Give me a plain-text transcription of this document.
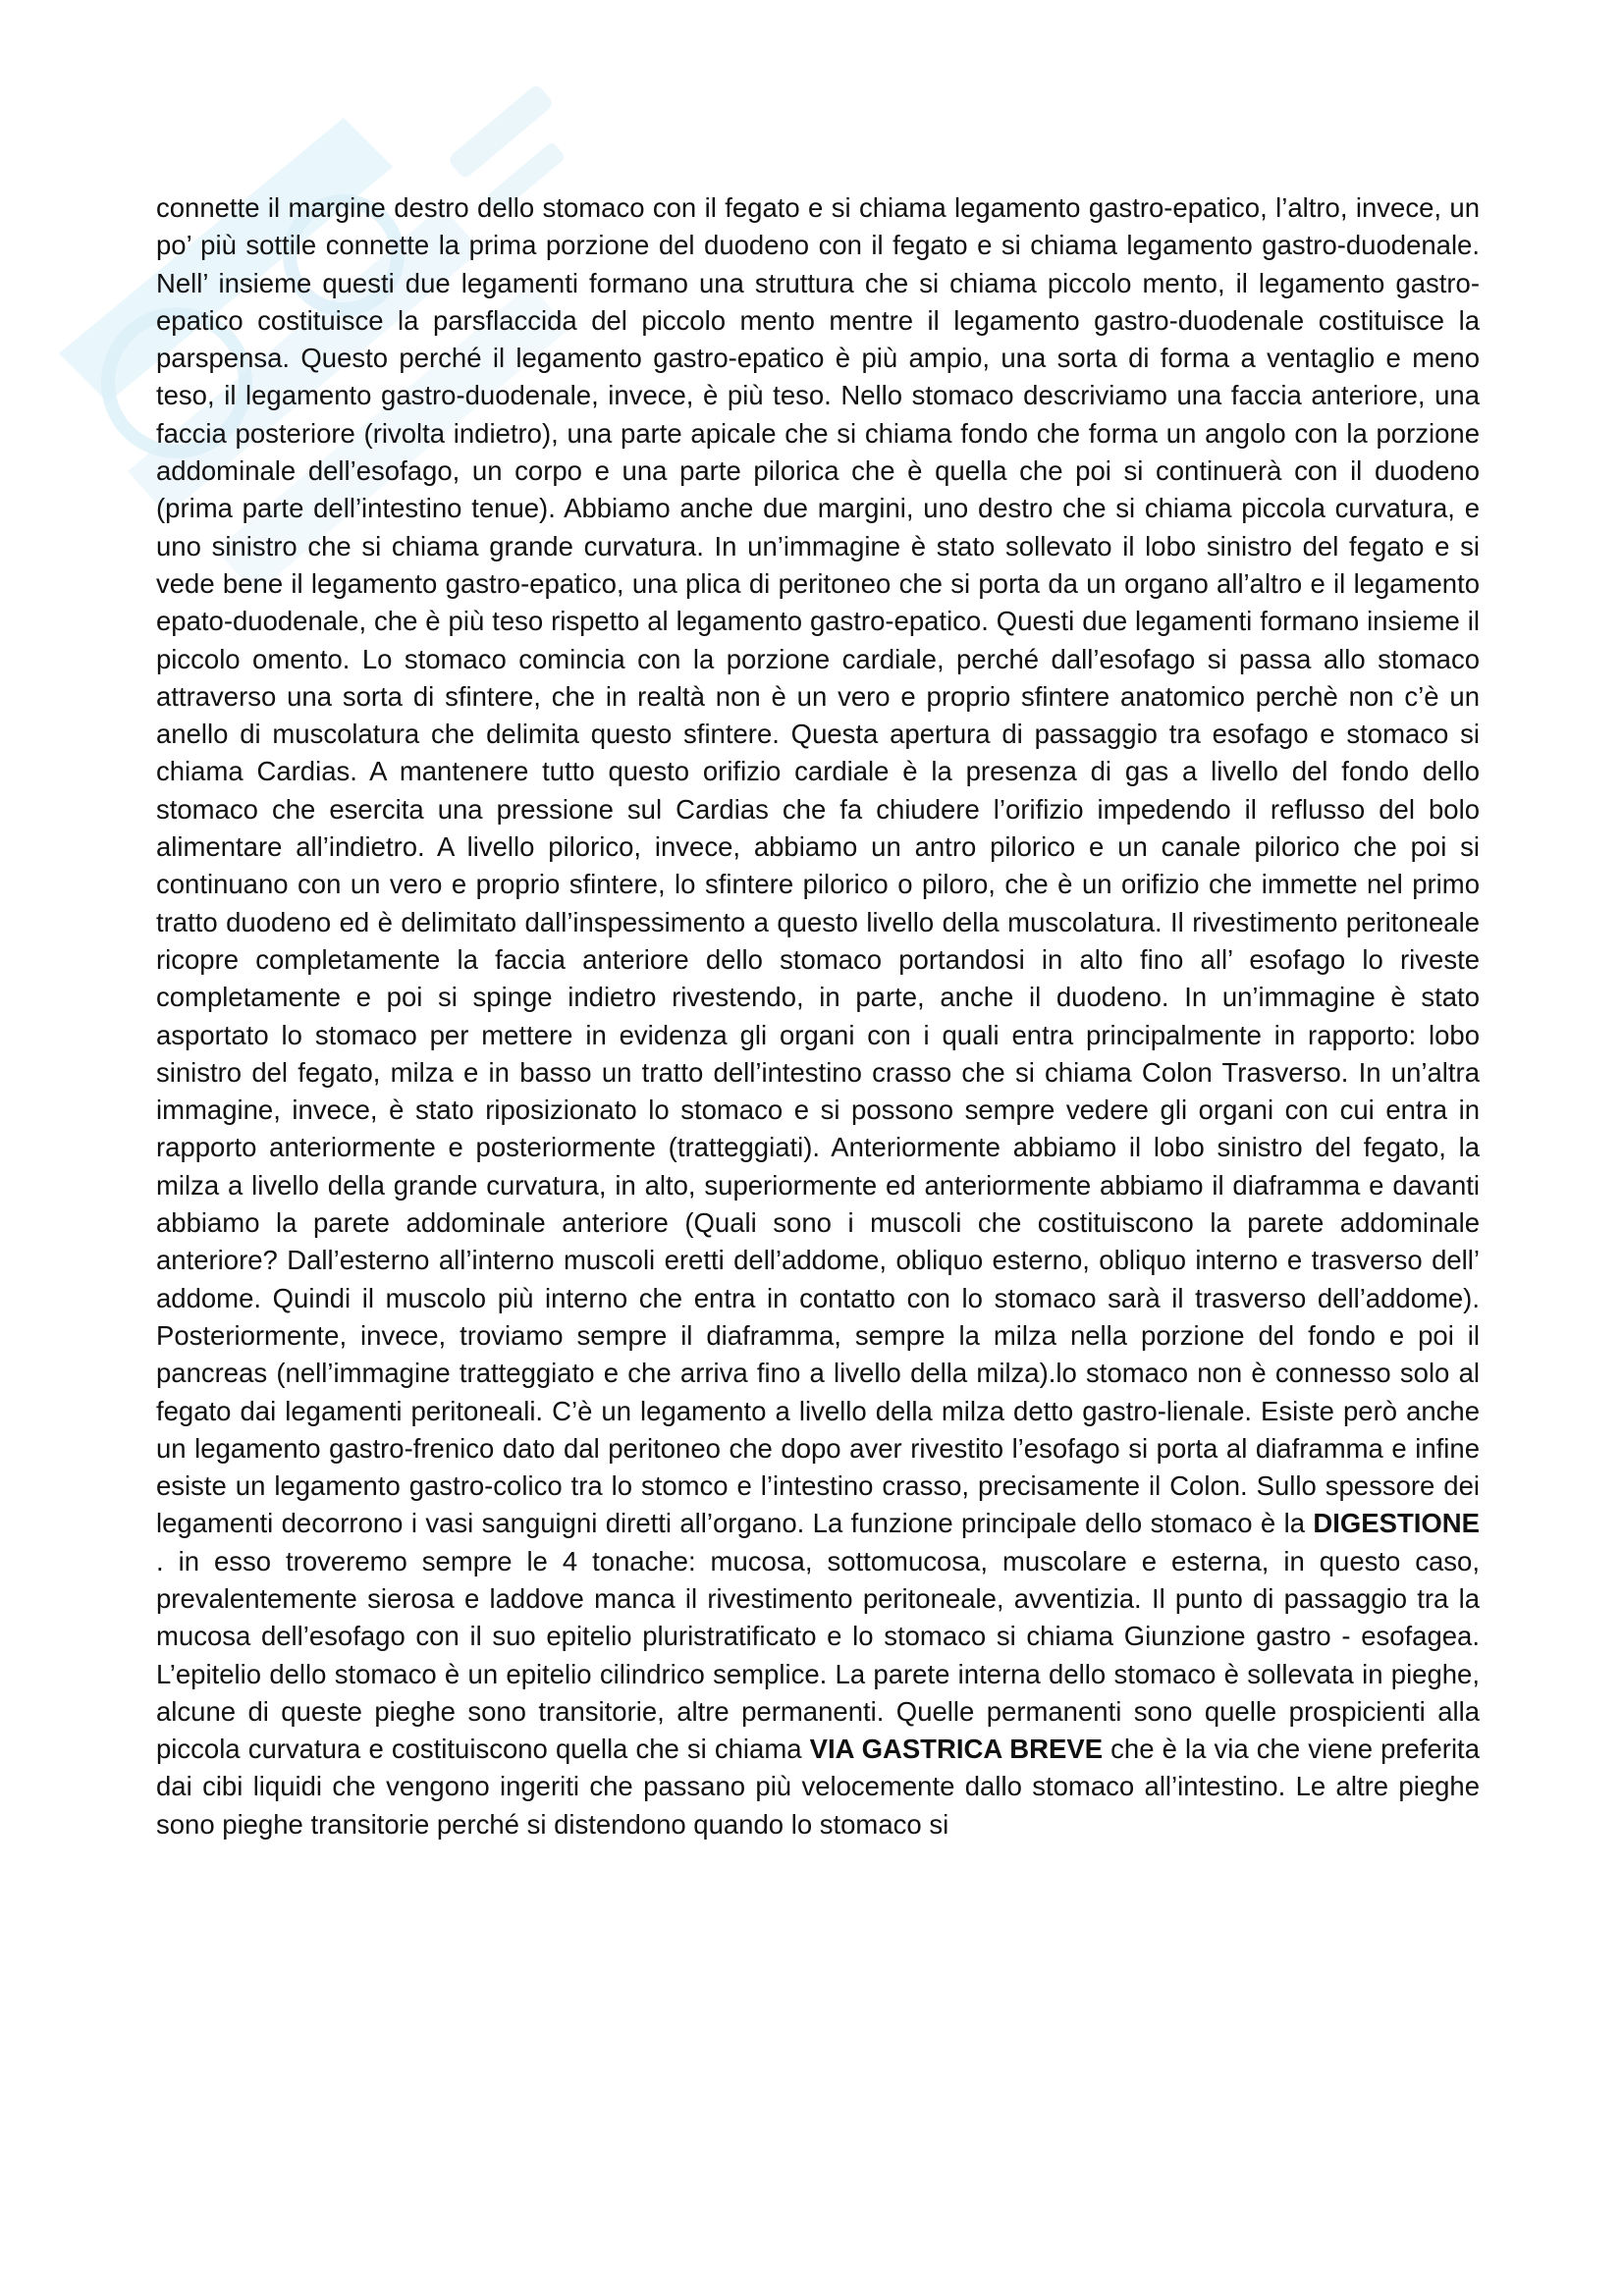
connette il margine destro dello stomaco con il fegato e si chiama legamento gastro-epatico, l’altro, invece, un po’ più sottile connette la prima porzione del duodeno con il fegato e si chiama legamento gastro-duodenale. Nell’ insieme questi due legamenti formano una struttura che si chiama piccolo mento, il legamento gastro-epatico costituisce la parsflaccida del piccolo mento mentre il legamento gastro-duodenale costituisce la parspensa. Questo perché il legamento gastro-epatico è più ampio, una sorta di forma a ventaglio e meno teso, il legamento gastro-duodenale, invece, è più teso. Nello stomaco descriviamo una faccia anteriore, una faccia posteriore (rivolta indietro), una parte apicale che si chiama fondo che forma un angolo con la porzione addominale dell’esofago, un corpo e una parte pilorica che è quella che poi si continuerà con il duodeno (prima parte dell’intestino tenue). Abbiamo anche due margini, uno destro che si chiama piccola curvatura, e uno sinistro che si chiama grande curvatura. In un’immagine è stato sollevato il lobo sinistro del fegato e si vede bene il legamento gastro-epatico, una plica di peritoneo che si porta da un organo all’altro e il legamento epato-duodenale, che è più teso rispetto al legamento gastro-epatico. Questi due legamenti formano insieme il piccolo omento. Lo stomaco comincia con la porzione cardiale, perché dall’esofago si passa allo stomaco attraverso una sorta di sfintere, che in realtà non è un vero e proprio sfintere anatomico perchè non c’è un anello di muscolatura che delimita questo sfintere. Questa apertura di passaggio tra esofago e stomaco si chiama Cardias. A mantenere tutto questo orifizio cardiale è la presenza di gas a livello del fondo dello stomaco che esercita una pressione sul Cardias che fa chiudere l’orifizio impedendo il reflusso del bolo alimentare all’indietro. A livello pilorico, invece, abbiamo un antro pilorico e un canale pilorico che poi si continuano con un vero e proprio sfintere, lo sfintere pilorico o piloro, che è un orifizio che immette nel primo tratto duodeno ed è delimitato dall’inspessimento a questo livello della muscolatura. Il rivestimento peritoneale ricopre completamente la faccia anteriore dello stomaco portandosi in alto fino all’ esofago lo riveste completamente e poi si spinge indietro rivestendo, in parte, anche il duodeno. In un’immagine è stato asportato lo stomaco per mettere in evidenza gli organi con i quali entra principalmente in rapporto: lobo sinistro del fegato, milza e in basso un tratto dell’intestino crasso che si chiama Colon Trasverso. In un’altra immagine, invece, è stato riposizionato lo stomaco e si possono sempre vedere gli organi con cui entra in rapporto anteriormente e posteriormente (tratteggiati). Anteriormente abbiamo il lobo sinistro del fegato, la milza a livello della grande curvatura, in alto, superiormente ed anteriormente abbiamo il diaframma e davanti abbiamo la parete addominale anteriore (Quali sono i muscoli che costituiscono la parete addominale anteriore? Dall’esterno all’interno muscoli eretti dell’addome, obliquo esterno, obliquo interno e trasverso dell’ addome. Quindi il muscolo più interno che entra in contatto con lo stomaco sarà il trasverso dell’addome). Posteriormente, invece, troviamo sempre il diaframma, sempre la milza nella porzione del fondo e poi il pancreas (nell’immagine tratteggiato e che arriva fino a livello della milza).lo stomaco non è connesso solo al fegato dai legamenti peritoneali. C’è un legamento a livello della milza detto gastro-lienale. Esiste però anche un legamento gastro-frenico dato dal peritoneo che dopo aver rivestito l’esofago si porta al diaframma e infine esiste un legamento gastro-colico tra lo stomco e l’intestino crasso, precisamente il Colon. Sullo spessore dei legamenti decorrono i vasi sanguigni diretti all’organo. La funzione principale dello stomaco è la DIGESTIONE . in esso troveremo sempre le 4 tonache: mucosa, sottomucosa, muscolare e esterna, in questo caso, prevalentemente sierosa e laddove manca il rivestimento peritoneale, avventizia. Il punto di passaggio tra la mucosa dell’esofago con il suo epitelio pluristratificato e lo stomaco si chiama Giunzione gastro - esofagea. L’epitelio dello stomaco è un epitelio cilindrico semplice. La parete interna dello stomaco è sollevata in pieghe, alcune di queste pieghe sono transitorie, altre permanenti. Quelle permanenti sono quelle prospicienti alla piccola curvatura e costituiscono quella che si chiama VIA GASTRICA BREVE che è la via che viene preferita dai cibi liquidi che vengono ingeriti che passano più velocemente dallo stomaco all’intestino. Le altre pieghe sono pieghe transitorie perché si distendono quando lo stomaco si
